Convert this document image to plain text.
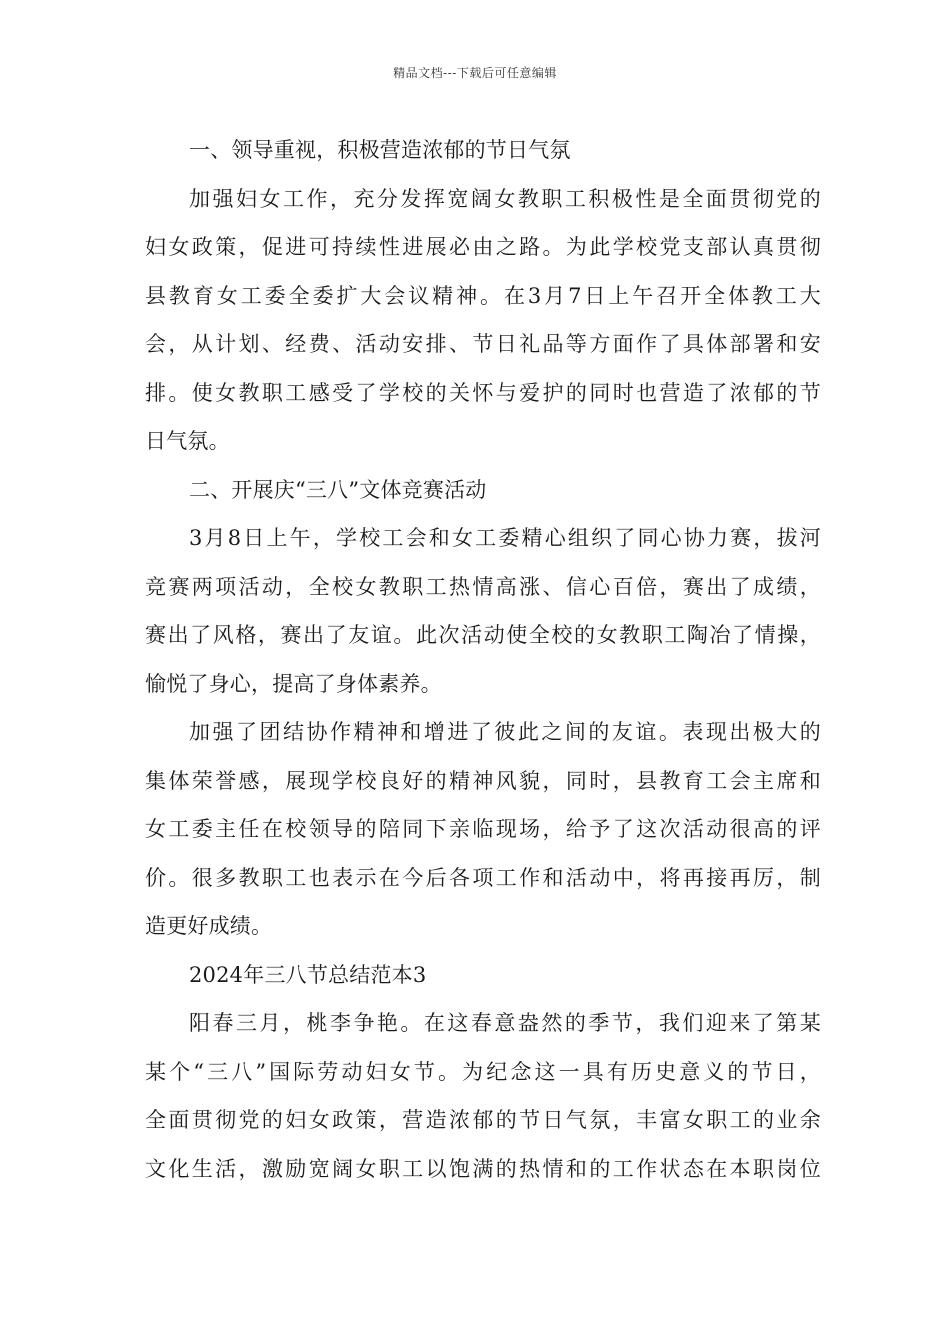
精品文档---下载后可任意编辑
一、领导重视，积极营造浓郁的节日气氛
加强妇女工作，充分发挥宽阔女教职工积极性是全面贯彻党的
妇女政策，促进可持续性进展必由之路。为此学校党支部认真贯彻
县教育女工委全委扩大会议精神。在3月7日上午召开全体教工大
会，从计划、经费、活动安排、节日礼品等方面作了具体部署和安
排。使女教职工感受了学校的关怀与爱护的同时也营造了浓郁的节
日气氛。
二、开展庆“三八”文体竞赛活动
3月8日上午，学校工会和女工委精心组织了同心协力赛，拔河
竞赛两项活动，全校女教职工热情高涨、信心百倍，赛出了成绩，
赛出了风格，赛出了友谊。此次活动使全校的女教职工陶冶了情操，
愉悦了身心，提高了身体素养。
加强了团结协作精神和增进了彼此之间的友谊。表现出极大的
集体荣誉感，展现学校良好的精神风貌，同时，县教育工会主席和
女工委主任在校领导的陪同下亲临现场，给予了这次活动很高的评
价。很多教职工也表示在今后各项工作和活动中，将再接再厉，制
造更好成绩。
2024年三八节总结范本3
阳春三月，桃李争艳。在这春意盎然的季节，我们迎来了第某
某个“三八”国际劳动妇女节。为纪念这一具有历史意义的节日，
全面贯彻党的妇女政策，营造浓郁的节日气氛，丰富女职工的业余
文化生活，激励宽阔女职工以饱满的热情和的工作状态在本职岗位
